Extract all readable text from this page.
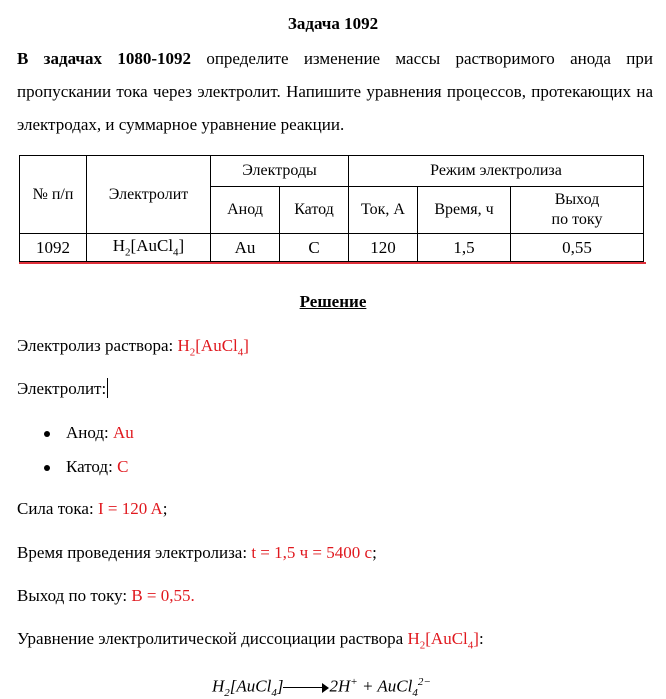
Задача 1092
В задачах 1080-1092 определите изменение массы растворимого анода при пропускании тока через электролит. Напишите уравнения процессов, протекающих на электродах, и суммарное уравнение реакции.
№ п/п	Электролит	Электроды		Режим электролиза		
		Анод	Катод	Ток, А	Время, ч	Выход
по току
1092	$H_2[AuCl_4]$	Au	C	120	1,5	0,55
Решение
Электролиз раствора: $H_2[AuCl_4]$
Электролит:
Анод: Au
Катод: C
Сила тока: I = 120 A;
Время проведения электролиза: t = 1,5 ч = 5400 с;
Выход по току: B = 0,55.
Уравнение электролитической диссоциации раствора $H_2[AuCl_4]$:
$H_2[AuCl_4]$	2H+ + AuCl$_4^{2-}$
